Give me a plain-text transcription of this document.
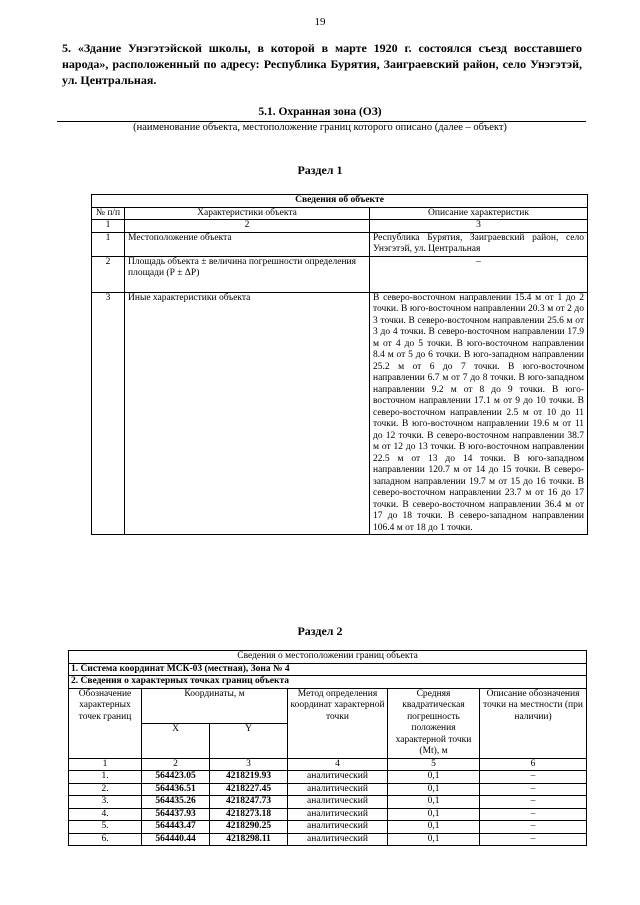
19
5. «Здание Унэгэтэйской школы, в которой в марте 1920 г. состоялся съезд восставшего народа», расположенный по адресу: Республика Бурятия, Заиграевский район, село Унэгэтэй, ул. Центральная.
5.1. Охранная зона (ОЗ)
(наименование объекта, местоположение границ которого описано (далее – объект)
Раздел 1
Сведения об объекте		
№ п/п	Характеристики объекта	Описание характеристик
1	2	3
1	Местоположение объекта	Республика Бурятия, Заиграевский район, село Унэгэтэй, ул. Центральная
2	Площадь объекта ± величина погрешности определения площади (Р ± ΔР)	–
3	Иные характеристики объекта	В северо-восточном направлении 15.4 м от 1 до 2 точки. В юго-восточном направлении 20.3 м от 2 до 3 точки. В северо-восточном направлении 25.6 м от 3 до 4 точки. В северо-восточном направлении 17.9 м от 4 до 5 точки. В юго-восточном направлении 8.4 м от 5 до 6 точки. В юго-западном направлении 25.2 м от 6 до 7 точки. В юго-восточном направлении 6.7 м от 7 до 8 точки. В юго-западном направлении 9.2 м от 8 до 9 точки. В юго-восточном направлении 17.1 м от 9 до 10 точки. В северо-восточном направлении 2.5 м от 10 до 11 точки. В юго-восточном направлении 19.6 м от 11 до 12 точки. В северо-восточном направлении 38.7 м от 12 до 13 точки. В юго-восточном направлении 22.5 м от 13 до 14 точки. В юго-западном направлении 120.7 м от 14 до 15 точки. В северо-западном направлении 19.7 м от 15 до 16 точки. В северо-восточном направлении 23.7 м от 16 до 17 точки. В северо-восточном направлении 36.4 м от 17 до 18 точки. В северо-западном направлении 106.4 м от 18 до 1 точки.
Раздел 2
Сведения о местоположении границ объекта					
1. Система координат МСК-03 (местная), Зона № 4					
2. Сведения о характерных точках границ объекта					
Обозначение характерных точек границ	Координаты, м		Метод определения координат характерной точки	Средняя квадратическая погрешность положения характерной точки (Мt), м	Описание обозначения точки на местности (при наличии)
	X	Y			
1	2	3	4	5	6
1.	564423.05	4218219.93	аналитический	0,1	–
2.	564436.51	4218227.45	аналитический	0,1	–
3.	564435.26	4218247.73	аналитический	0,1	–
4.	564437.93	4218273.18	аналитический	0,1	–
5.	564443.47	4218290.25	аналитический	0,1	–
6.	564440.44	4218298.11	аналитический	0,1	–
